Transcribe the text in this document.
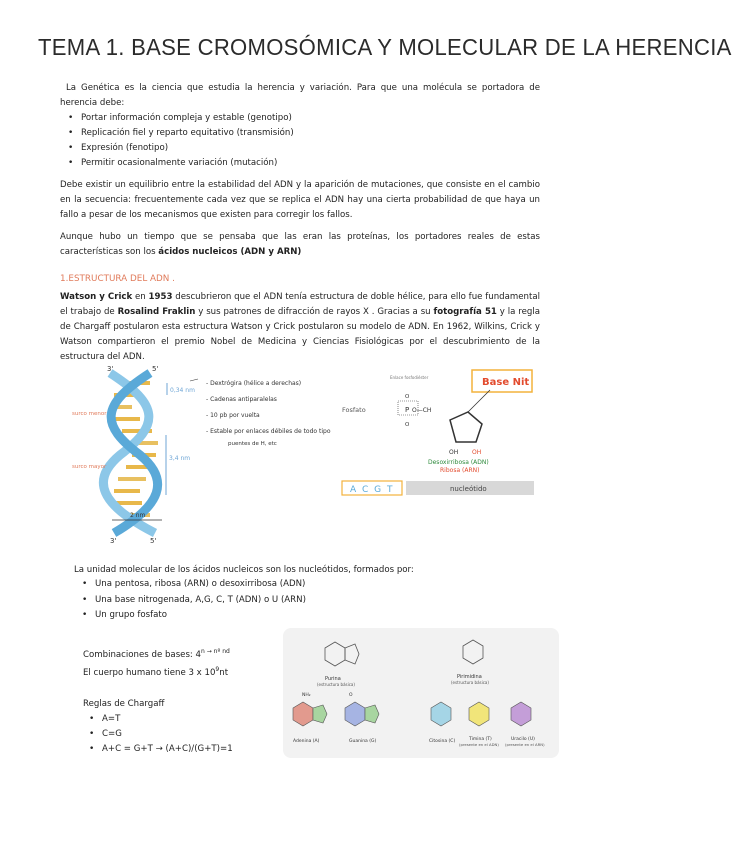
TEMA 1. BASE CROMOSÓMICA Y MOLECULAR DE LA HERENCIA
La Genética es la ciencia que estudia la herencia y variación. Para que una molécula se portadora de herencia debe:
• Portar información compleja y estable (genotipo)
• Replicación fiel y reparto equitativo (transmisión)
• Expresión (fenotipo)
• Permitir ocasionalmente variación (mutación)
Debe existir un equilibrio entre la estabilidad del ADN y la aparición de mutaciones, que consiste en el cambio en la secuencia: frecuentemente cada vez que se replica el ADN hay una cierta probabilidad de que haya un fallo a pesar de los mecanismos que existen para corregir los fallos.
Aunque hubo un tiempo que se pensaba que las eran las proteínas, los portadores reales de estas características son los ácidos nucleicos (ADN y ARN)
1.ESTRUCTURA DEL ADN .
Watson y Crick en 1953 descubrieron que el ADN tenía estructura de doble hélice, para ello fue fundamental el trabajo de Rosalind Fraklin y sus patrones de difracción de rayos X . Gracias a su fotografía 51 y la regla de Chargaff postularon esta estructura Watson y Crick postularon su modelo de ADN. En 1962, Wilkins, Crick y Watson compartieron el premio Nobel de Medicina y Ciencias Fisiológicas por el descubrimiento de la estructura del ADN.
3'	5'
3'	5'
surco menor
surco mayor
0,34 nm
3,4 nm
2 nm
- Dextrógira (hélice a derechas)
- Cadenas antiparalelas
- 10 pb por vuelta
- Estable por enlaces débiles de todo tipo
puentes de H, etc
Base Nit
Enlace fosfodiéster
Fosfato
O
P O—CH
O
OH OH
Desoxirribosa (ADN)
Ribosa (ARN)
A C G T	nucleótido
La unidad molecular de los ácidos nucleicos son los nucleótidos, formados por:
• Una pentosa, ribosa (ARN) o desoxirribosa (ADN)
• Una base nitrogenada, A,G, C, T (ADN) o U (ARN)
• Un grupo fosfato
Combinaciones de bases: $4^{n \to nº nd}$
El cuerpo humano tiene 3 x $10^9nt$
Reglas de Chargaff
• A=T
• C=G
• A+C = G+T → (A+C)/(G+T)=1
Purina
(estructura básica)
Pirimidina
(estructura básica)
NH₂
Adenina (A)
O
Guanina (G)	Citosina (C)	Timina (T)
(presente en el ADN)
Uracilo (U)
(presente en el ARN)
